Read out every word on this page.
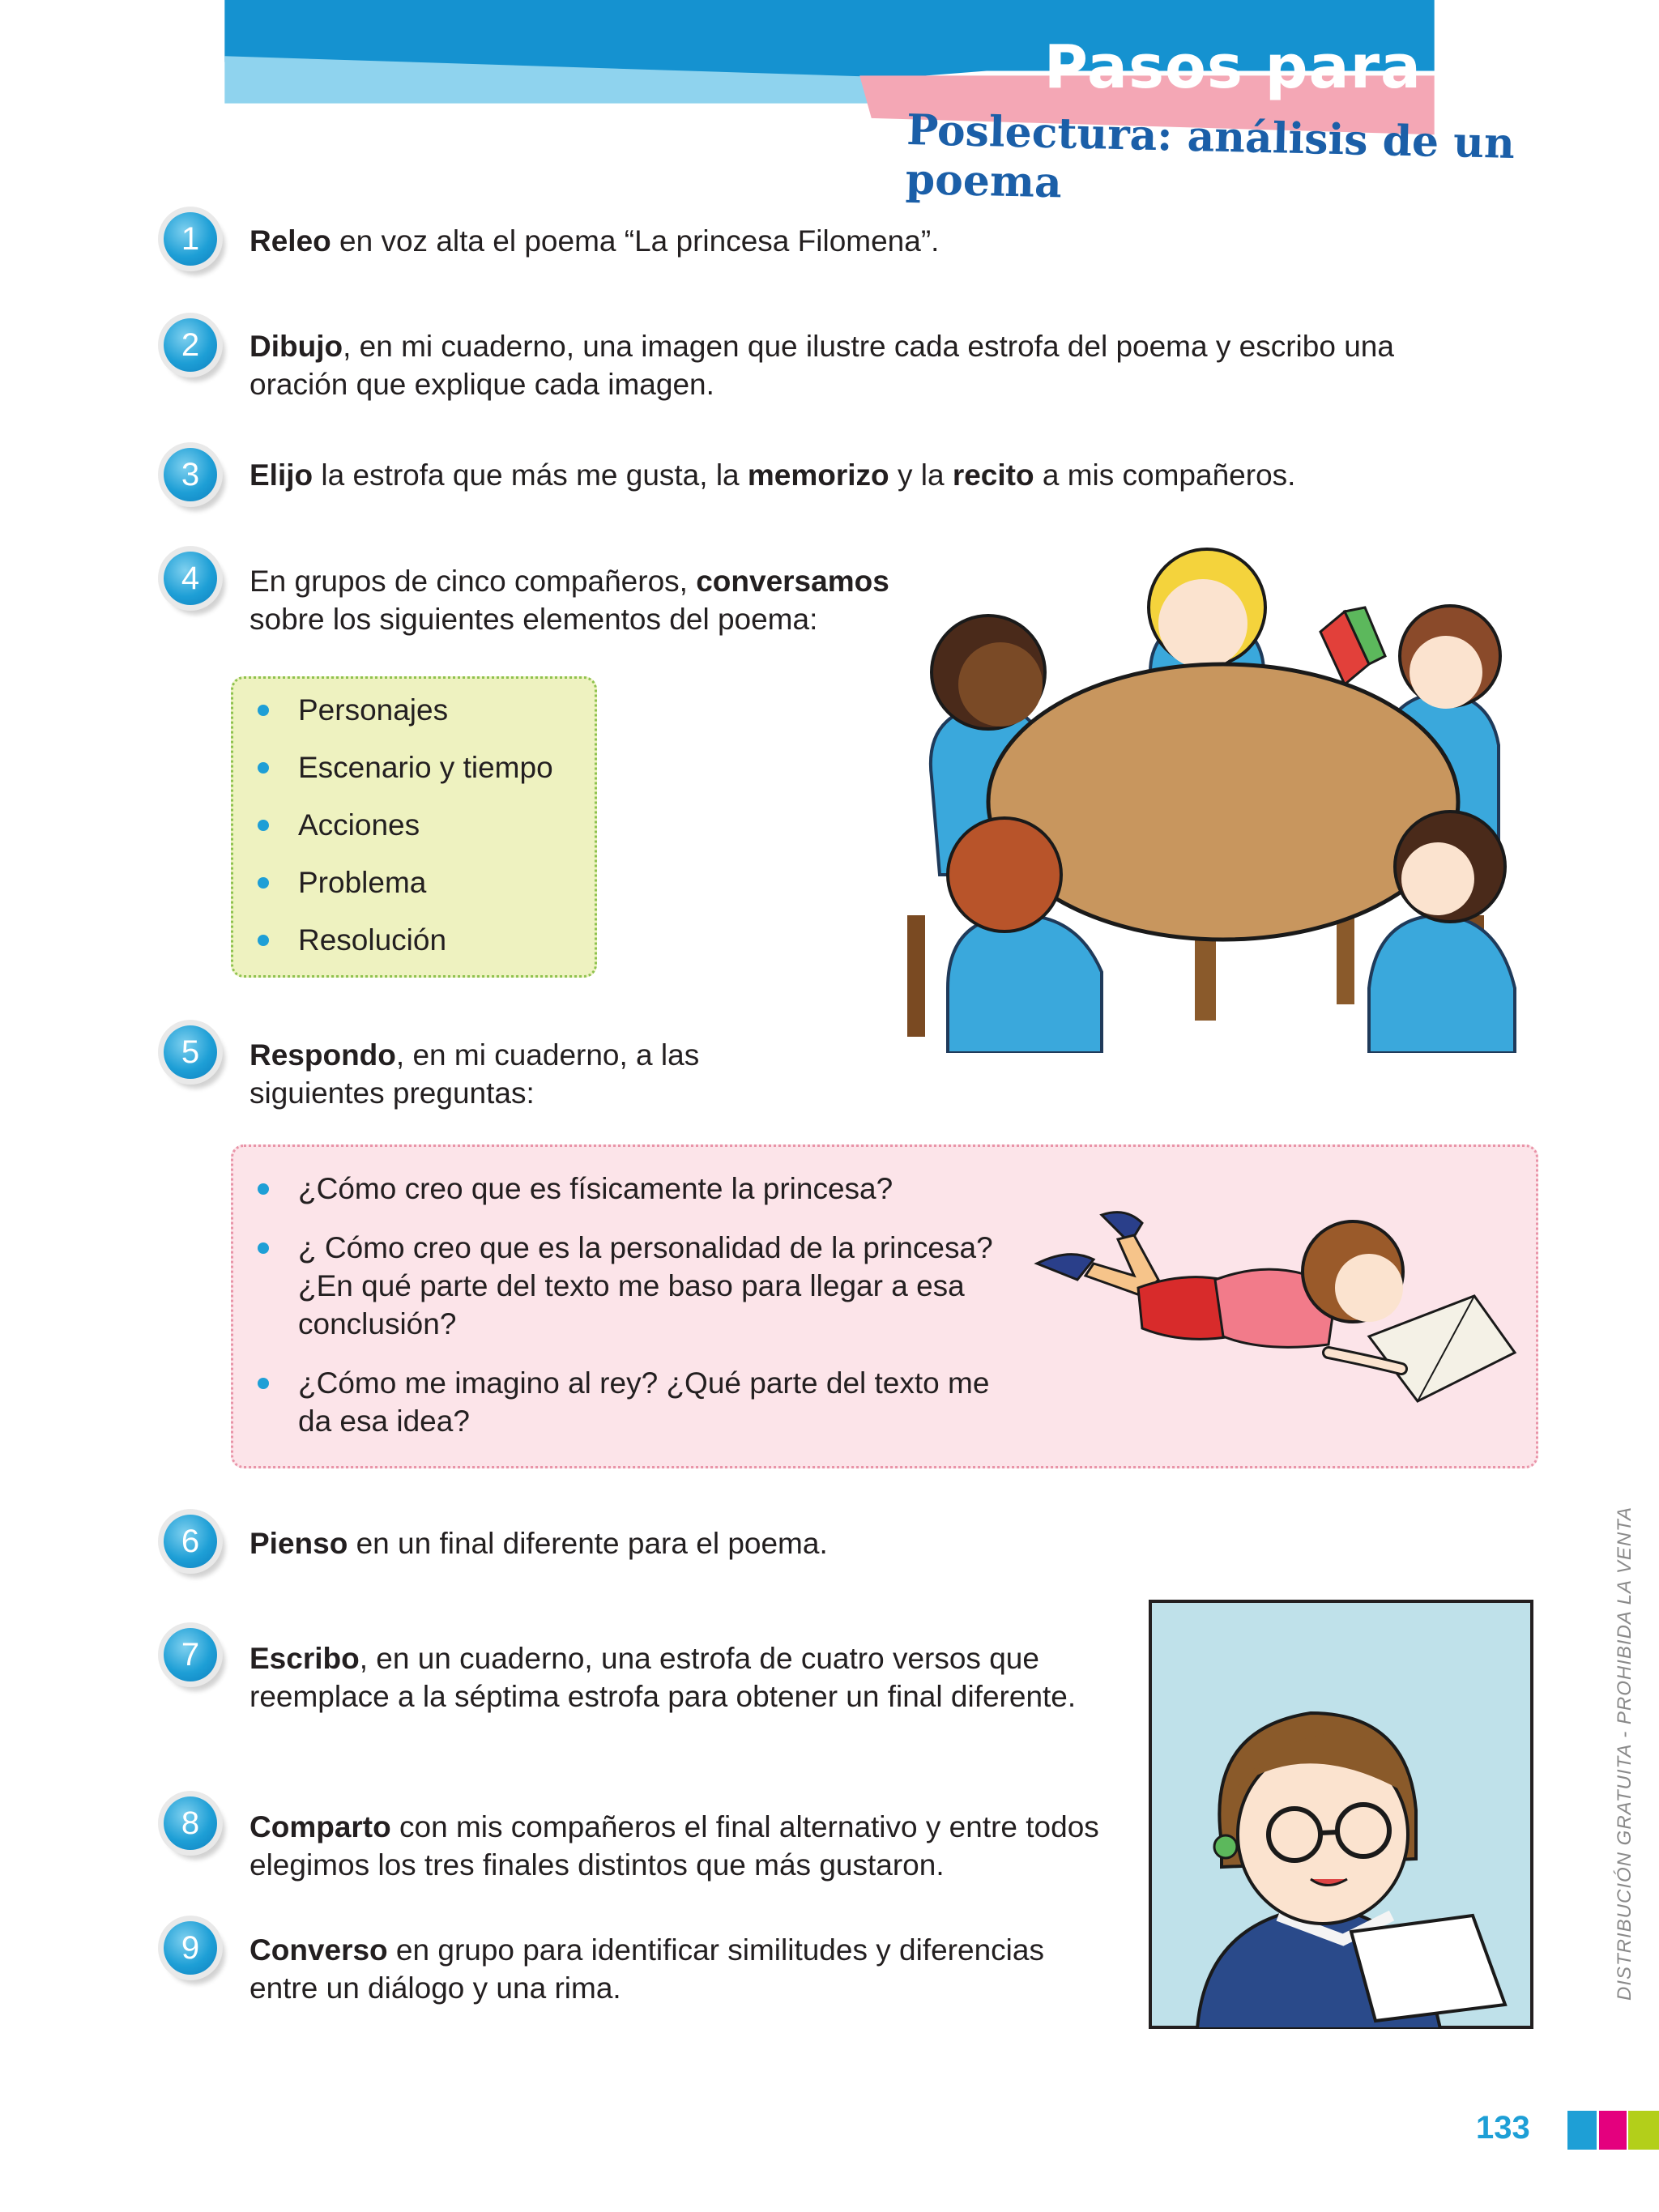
Pasos para leer
Poslectura: análisis de un poema
1	Releo en voz alta el poema “La princesa Filomena”.
2	Dibujo, en mi cuaderno, una imagen que ilustre cada estrofa del poema y escribo una oración que explique cada imagen.
3	Elijo la estrofa que más me gusta, la memorizo y la recito a mis compañeros.
4	En grupos de cinco compañeros, conversamos sobre los siguientes elementos del poema:
Personajes
Escenario y tiempo
Acciones
Problema
Resolución
5	Respondo, en mi cuaderno, a las siguientes preguntas:
¿Cómo creo que es físicamente la princesa?
¿ Cómo creo que es la personalidad de la princesa? ¿En qué parte del texto me baso para llegar a esa conclusión?
¿Cómo me imagino al rey? ¿Qué parte del texto me da esa idea?
6	Pienso en un final diferente para el poema.
7	Escribo, en un cuaderno, una estrofa de cuatro versos que reemplace a la séptima estrofa para obtener un final diferente.
8	Comparto con mis compañeros el final alternativo y entre todos elegimos los tres finales distintos que más gustaron.
9	Converso en grupo para identificar similitudes y diferencias entre un diálogo y una rima.	DISTRIBUCIÓN GRATUITA - PROHIBIDA LA VENTA
133
